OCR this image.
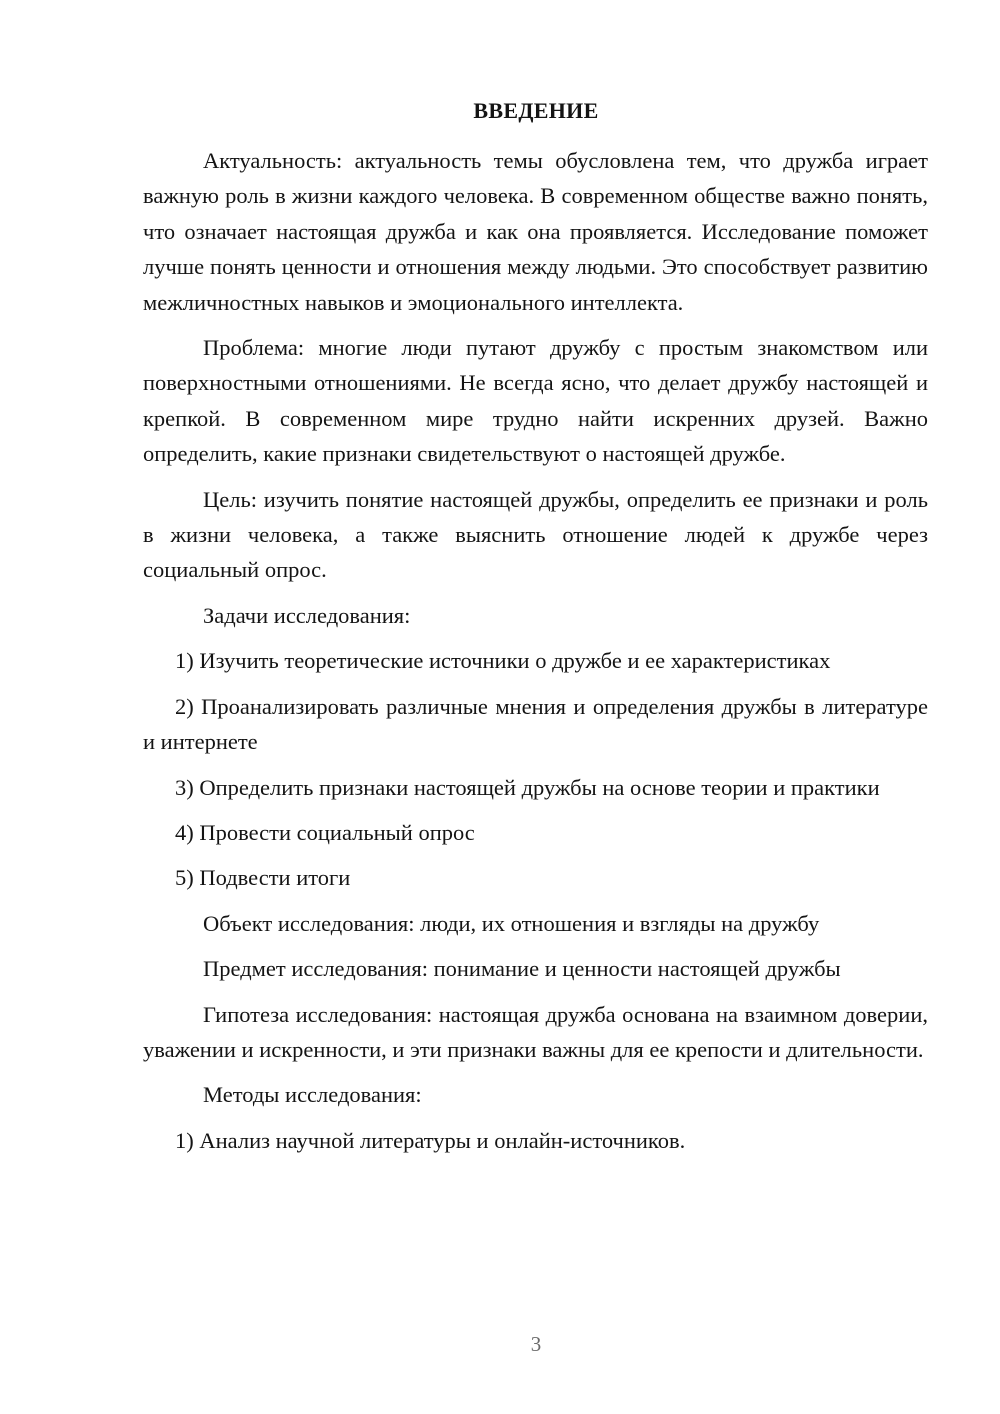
ВВЕДЕНИЕ

Актуальность: актуальность темы обусловлена тем, что дружба играет важную роль в жизни каждого человека. В современном обществе важно понять, что означает настоящая дружба и как она проявляется. Исследование поможет лучше понять ценности и отношения между людьми. Это способствует развитию межличностных навыков и эмоционального интеллекта.

Проблема: многие люди путают дружбу с простым знакомством или поверхностными отношениями. Не всегда ясно, что делает дружбу настоящей и крепкой. В современном мире трудно найти искренних друзей. Важно определить, какие признаки свидетельствуют о настоящей дружбе.

Цель: изучить понятие настоящей дружбы, определить ее признаки и роль в жизни человека, а также выяснить отношение людей к дружбе через социальный опрос.

Задачи исследования:

1) Изучить теоретические источники о дружбе и ее характеристиках

2) Проанализировать различные мнения и определения дружбы в литературе и интернете

3) Определить признаки настоящей дружбы на основе теории и практики

4) Провести социальный опрос

5) Подвести итоги

Объект исследования: люди, их отношения и взгляды на дружбу

Предмет исследования: понимание и ценности настоящей дружбы

Гипотеза исследования: настоящая дружба основана на взаимном доверии, уважении и искренности, и эти признаки важны для ее крепости и длительности.

Методы исследования:

1) Анализ научной литературы и онлайн-источников.

3
